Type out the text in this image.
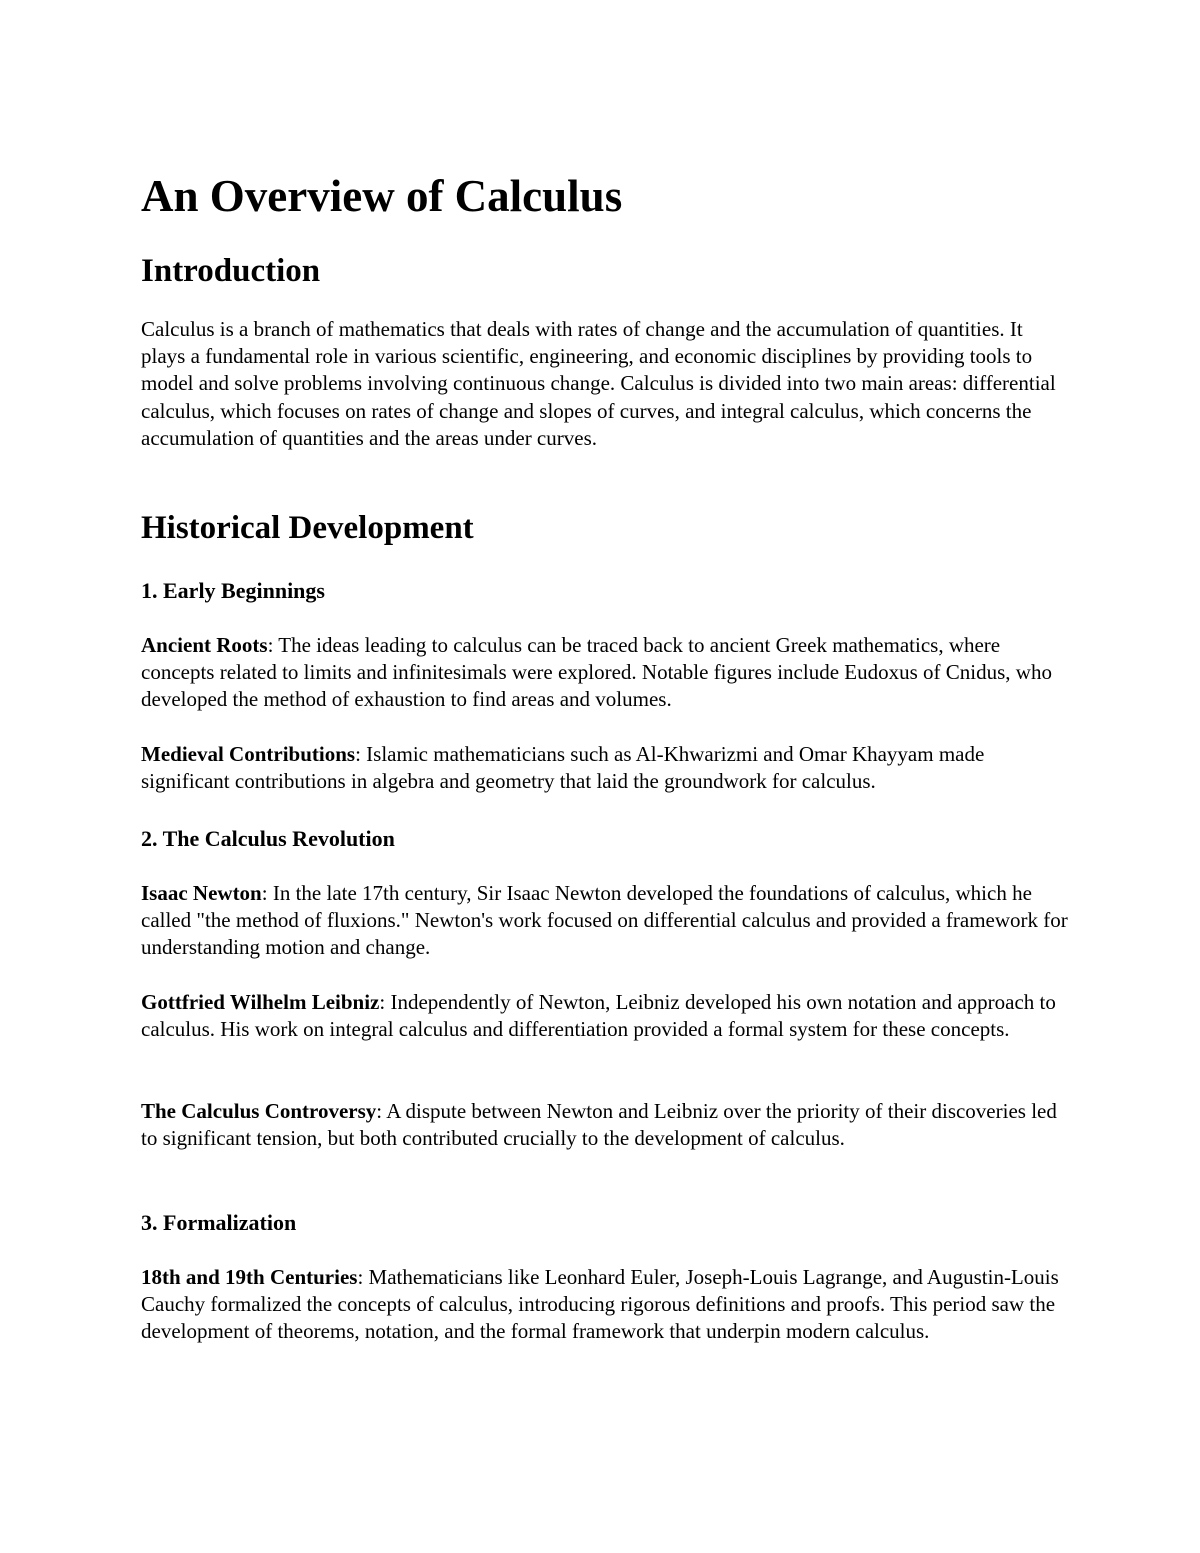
An Overview of Calculus
Introduction

Calculus is a branch of mathematics that deals with rates of change and the accumulation of quantities. It plays a fundamental role in various scientific, engineering, and economic disciplines by providing tools to model and solve problems involving continuous change. Calculus is divided into two main areas: differential calculus, which focuses on rates of change and slopes of curves, and integral calculus, which concerns the accumulation of quantities and the areas under curves.

Historical Development
1. Early Beginnings

Ancient Roots: The ideas leading to calculus can be traced back to ancient Greek mathematics, where concepts related to limits and infinitesimals were explored. Notable figures include Eudoxus of Cnidus, who developed the method of exhaustion to find areas and volumes.

Medieval Contributions: Islamic mathematicians such as Al-Khwarizmi and Omar Khayyam made significant contributions in algebra and geometry that laid the groundwork for calculus.

2. The Calculus Revolution

Isaac Newton: In the late 17th century, Sir Isaac Newton developed the foundations of calculus, which he called "the method of fluxions." Newton's work focused on differential calculus and provided a framework for understanding motion and change.

Gottfried Wilhelm Leibniz: Independently of Newton, Leibniz developed his own notation and approach to calculus. His work on integral calculus and differentiation provided a formal system for these concepts.

The Calculus Controversy: A dispute between Newton and Leibniz over the priority of their discoveries led to significant tension, but both contributed crucially to the development of calculus.

3. Formalization

18th and 19th Centuries: Mathematicians like Leonhard Euler, Joseph-Louis Lagrange, and Augustin-Louis Cauchy formalized the concepts of calculus, introducing rigorous definitions and proofs. This period saw the development of theorems, notation, and the formal framework that underpin modern calculus.
